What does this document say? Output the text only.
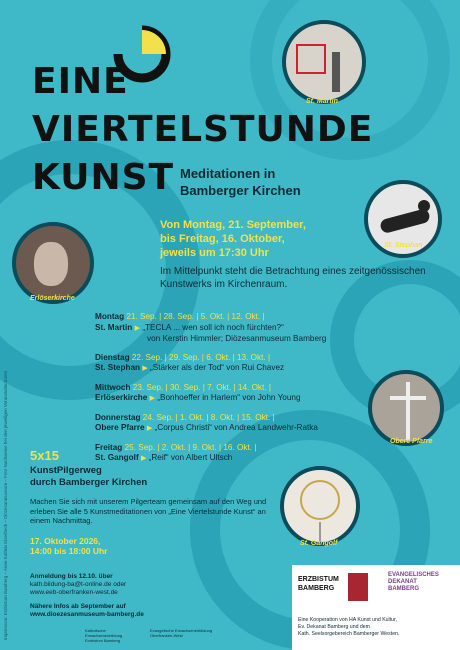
EINE
VIERTELSTUNDE
KUNST Meditationen in
Bamberger Kirchen
Von Montag, 21. September,
bis Freitag, 16. Oktober,
jeweils um 17:30 Uhr
Im Mittelpunkt steht die Betrachtung eines zeitgenössischen Kunstwerks im Kirchenraum.
St. Martin
St. Stephan
Erlöserkirche
Obere Pfarre
St. Gangolf
Montag 21. Sep. | 28. Sep. | 5. Okt. | 12. Okt. |
St. Martin ▶ „TECLA ... wen soll ich noch fürchten?“
von Kerstin Himmler; Diözesanmuseum Bamberg
Dienstag 22. Sep. | 29. Sep. | 6. Okt. | 13. Okt. |
St. Stephan ▶ „Stärker als der Tod“ von Rui Chavez
Mittwoch 23. Sep. | 30. Sep. | 7. Okt. | 14. Okt. |
Erlöserkirche ▶ „Bonhoeffer in Harlem“ von John Young
Donnerstag 24. Sep. | 1. Okt. | 8. Okt. | 15. Okt. |
Obere Pfarre ▶ „Corpus Christi“ von Andrea Landwehr-Ratka
Freitag 25. Sep. | 2. Okt. | 9. Okt. | 16. Okt. |
St. Gangolf ▶ „Reif“ von Albert Ultsch
5x15
KunstPilgerweg
durch Bamberger Kirchen
Machen Sie sich mit unserem Pilgerteam gemeinsam auf den Weg und erleben Sie alle 5 Kunstmeditationen von „Eine Viertelstunde Kunst“ an einem Nachmittag.
17. Oktober 2026,
14:00 bis 18:00 Uhr
Anmeldung bis 12.10. über
kath.bildung-ba@t-online.de oder
www.eeb-oberfranken-west.de
Nähere Infos ab September auf
www.dioezesanmuseum-bamberg.de
Katholische
Erwachsenenbildung
Erzbistum Bamberg
Evangelische Erwachsenenbildung
Oberfranken-West
ERZBISTUM
BAMBERG
EVANGELISCHES
DEKANAT
BAMBERG
Eine Kooperation von HA Kunst und Kultur,
Ev. Dekanat Bamberg und dem
Kath. Seelsorgebereich Bamberger Westen.
Impressum: Erzbistum Bamberg – Anne Kathrin Eiserbeck – Diözesanmuseum – Foto-Nachweise bei den jeweiligen Veranstalter:innen
